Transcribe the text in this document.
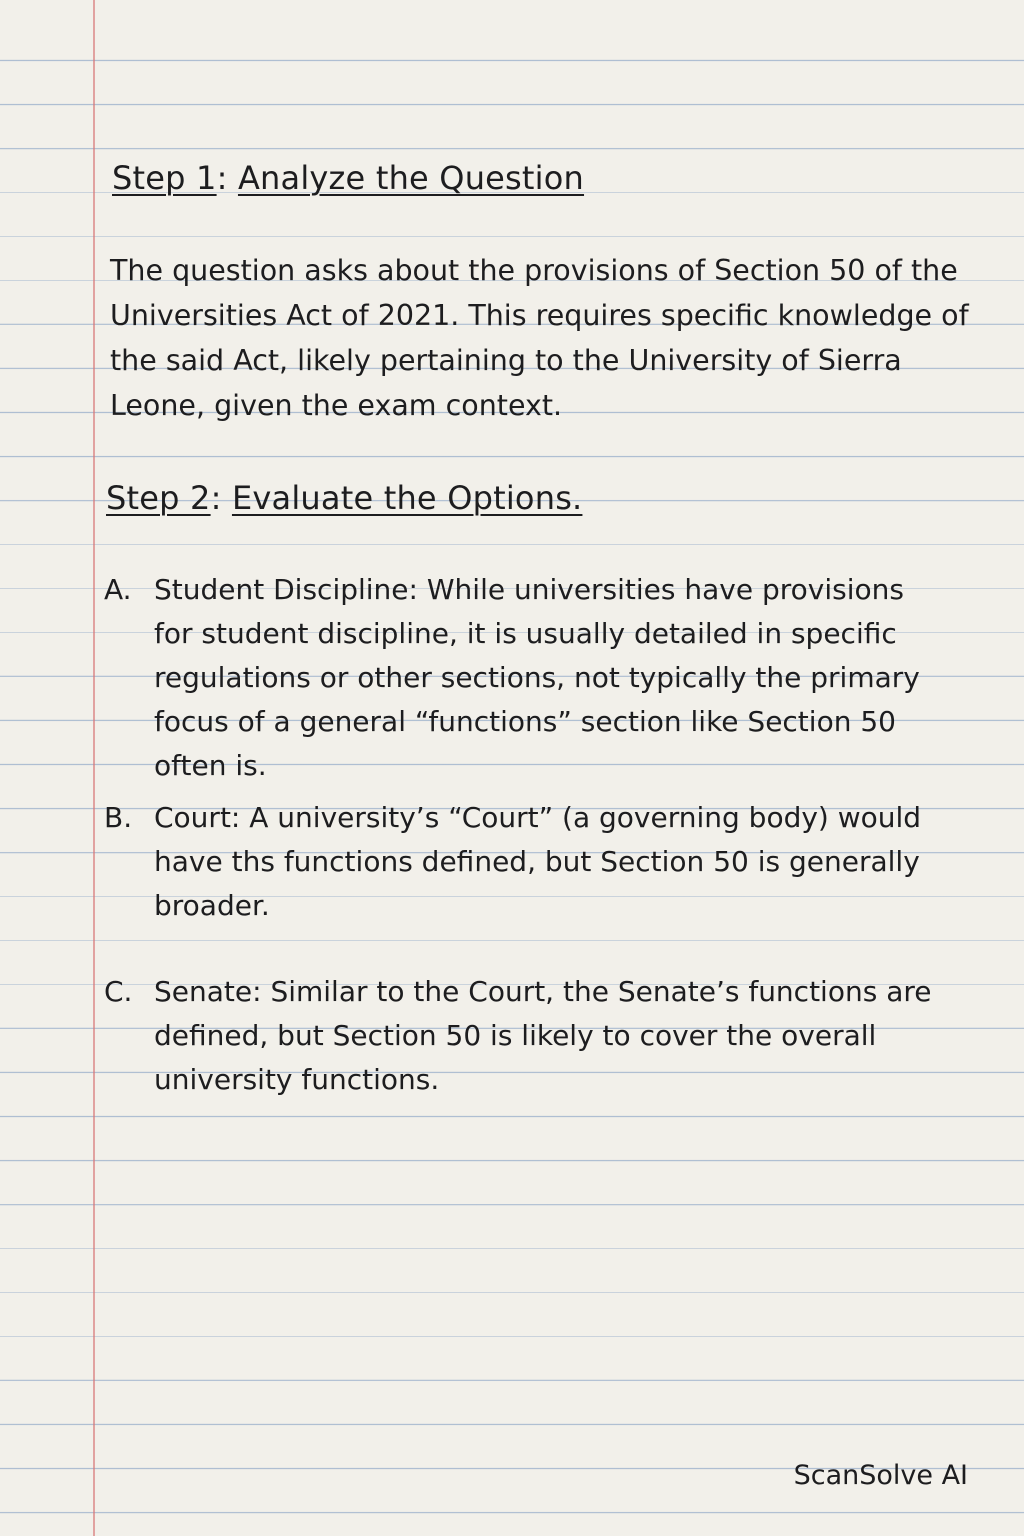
Step 1: Analyze the Question

The question asks about the provisions of Section 50 of the Universities Act of 2021. This requires specific knowledge of the said Act, likely pertaining to the University of Sierra Leone, given the exam context.

Step 2: Evaluate the Options.
A. Student Discipline: While universities have provisions for student discipline, it is usually detailed in specific regulations or other sections, not typically the primary focus of a general “functions” section like Section 50 often is.
B. Court: A university’s “Court” (a governing body) would have ths functions defined, but Section 50 is generally broader.
C. Senate: Similar to the Court, the Senate’s functions are defined, but Section 50 is likely to cover the overall university functions.
ScanSolve AI
